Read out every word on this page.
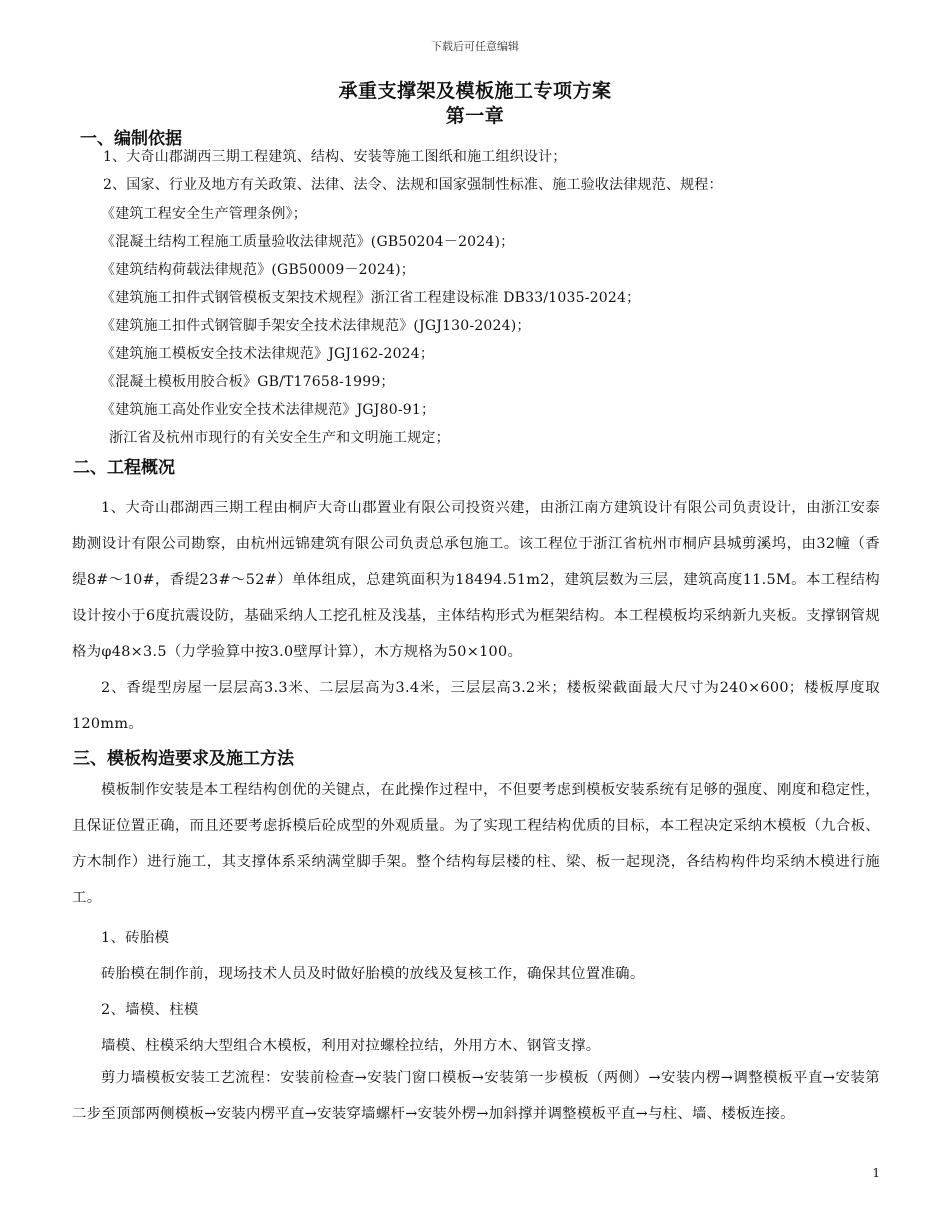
下载后可任意编辑
承重支撑架及模板施工专项方案
第一章
一、编制依据
1、大奇山郡湖西三期工程建筑、结构、安装等施工图纸和施工组织设计；
2、国家、行业及地方有关政策、法律、法令、法规和国家强制性标准、施工验收法律规范、规程：
《建筑工程安全生产管理条例》；
《混凝土结构工程施工质量验收法律规范》(GB50204－2024)；
《建筑结构荷载法律规范》(GB50009－2024)；
《建筑施工扣件式钢管模板支架技术规程》浙江省工程建设标准 DB33/1035-2024；
《建筑施工扣件式钢管脚手架安全技术法律规范》(JGJ130-2024)；
《建筑施工模板安全技术法律规范》JGJ162-2024；
《混凝土模板用胶合板》GB/T17658-1999；
《建筑施工高处作业安全技术法律规范》JGJ80-91；
浙江省及杭州市现行的有关安全生产和文明施工规定；
二、工程概况
1、大奇山郡湖西三期工程由桐庐大奇山郡置业有限公司投资兴建，由浙江南方建筑设计有限公司负责设计，由浙江安泰勘测设计有限公司勘察，由杭州远锦建筑有限公司负责总承包施工。该工程位于浙江省杭州市桐庐县城剪溪坞，由32幢（香缇8#～10#，香缇23#～52#）单体组成，总建筑面积为18494.51m2，建筑层数为三层，建筑高度11.5M。本工程结构设计按小于6度抗震设防，基础采纳人工挖孔桩及浅基，主体结构形式为框架结构。本工程模板均采纳新九夹板。支撑钢管规格为φ48×3.5（力学验算中按3.0壁厚计算），木方规格为50×100。
2、香缇型房屋一层层高3.3米、二层层高为3.4米，三层层高3.2米；楼板梁截面最大尺寸为240×600；楼板厚度取120mm。
三、模板构造要求及施工方法
模板制作安装是本工程结构创优的关键点，在此操作过程中，不但要考虑到模板安装系统有足够的强度、刚度和稳定性，且保证位置正确，而且还要考虑拆模后砼成型的外观质量。为了实现工程结构优质的目标，本工程决定采纳木模板（九合板、方木制作）进行施工，其支撑体系采纳满堂脚手架。整个结构每层楼的柱、梁、板一起现浇，各结构构件均采纳木模进行施工。
1、砖胎模
砖胎模在制作前，现场技术人员及时做好胎模的放线及复核工作，确保其位置准确。
2、墙模、柱模
墙模、柱模采纳大型组合木模板，利用对拉螺栓拉结，外用方木、钢管支撑。
剪力墙模板安装工艺流程：安装前检查→安装门窗口模板→安装第一步模板（两侧）→安装内楞→调整模板平直→安装第二步至顶部两侧模板→安装内楞平直→安装穿墙螺杆→安装外楞→加斜撑并调整模板平直→与柱、墙、楼板连接。
1
